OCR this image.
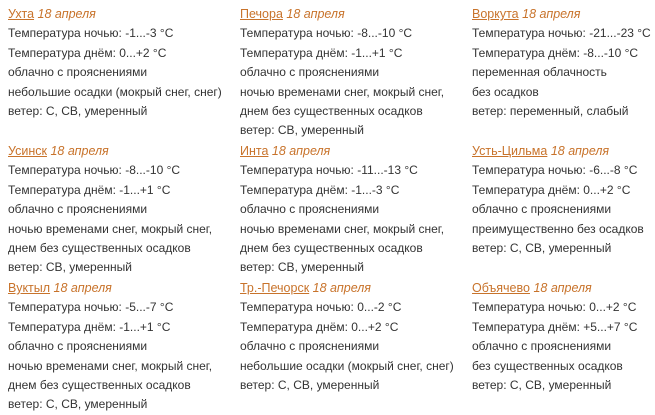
Ухта 18 апреля
Температура ночью: -1...-3 °C
Температура днём: 0...+2 °C
облачно с прояснениями
небольшие осадки (мокрый снег, снег)
ветер: С, СВ, умеренный
Печора 18 апреля
Температура ночью: -8...-10 °C
Температура днём: -1...+1 °C
облачно с прояснениями
ночью временами снег, мокрый снег,
днем без существенных осадков
ветер: СВ, умеренный
Воркута 18 апреля
Температура ночью: -21...-23 °C
Температура днём: -8...-10 °C
переменная облачность
без осадков
ветер: переменный, слабый
Усинск 18 апреля
Температура ночью: -8...-10 °C
Температура днём: -1...+1 °C
облачно с прояснениями
ночью временами снег, мокрый снег,
днем без существенных осадков
ветер: СВ, умеренный
Инта 18 апреля
Температура ночью: -11...-13 °C
Температура днём: -1...-3 °C
облачно с прояснениями
ночью временами снег, мокрый снег,
днем без существенных осадков
ветер: СВ, умеренный
Усть-Цильма 18 апреля
Температура ночью: -6...-8 °C
Температура днём: 0...+2 °C
облачно с прояснениями
преимущественно без осадков
ветер: С, СВ, умеренный
Вуктыл 18 апреля
Температура ночью: -5...-7 °C
Температура днём: -1...+1 °C
облачно с прояснениями
ночью временами снег, мокрый снег,
днем без существенных осадков
ветер: С, СВ, умеренный
Тр.-Печорск 18 апреля
Температура ночью: 0...-2 °C
Температура днём: 0...+2 °C
облачно с прояснениями
небольшие осадки (мокрый снег, снег)
ветер: С, СВ, умеренный
Объячево 18 апреля
Температура ночью: 0...+2 °C
Температура днём: +5...+7 °C
облачно с прояснениями
без существенных осадков
ветер: С, СВ, умеренный
